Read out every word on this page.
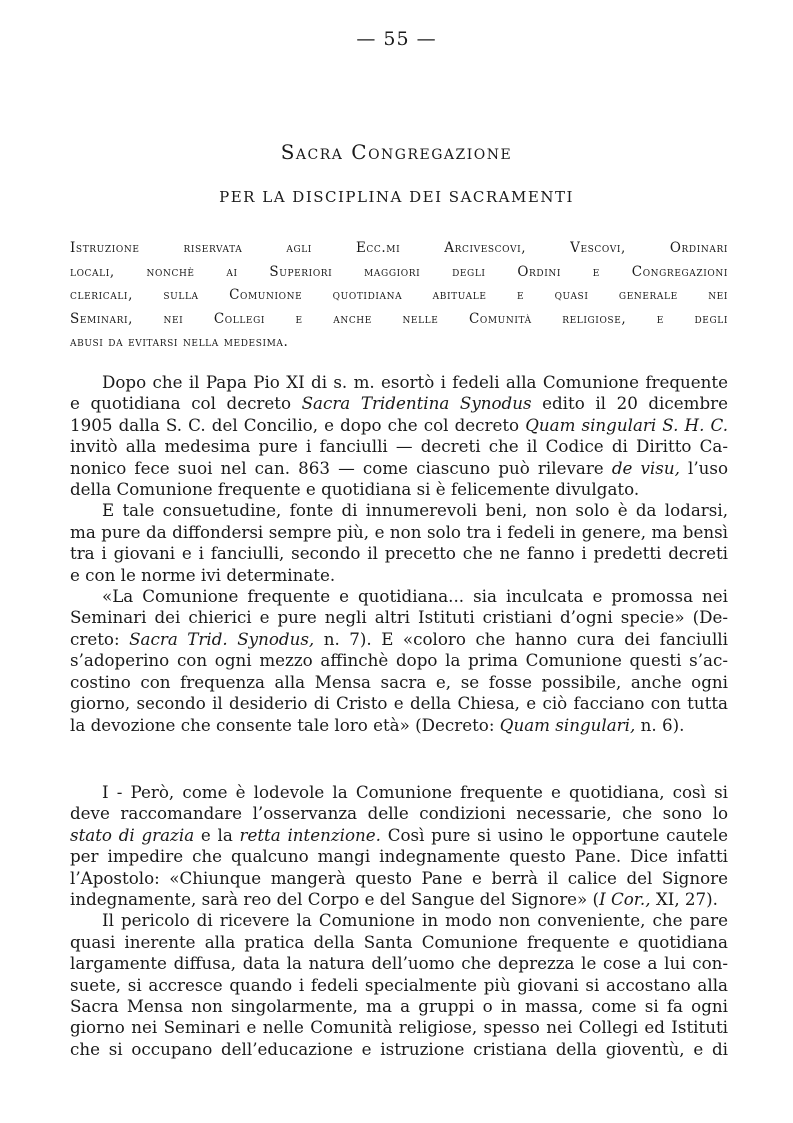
— 55 —
Sacra Congregazione
PER LA DISCIPLINA DEI SACRAMENTI
Istruzione riservata agli Ecc.mi Arcivescovi, Vescovi, Ordinari
locali, nonchè ai Superiori maggiori degli Ordini e Congregazioni
clericali, sulla Comunione quotidiana abituale e quasi generale nei
Seminari, nei Collegi e anche nelle Comunità religiose, e degli
abusi da evitarsi nella medesima.
Dopo che il Papa Pio XI di s. m. esortò i fedeli alla Comunione frequente
e quotidiana col decreto Sacra Tridentina Synodus edito il 20 dicembre
1905 dalla S. C. del Concilio, e dopo che col decreto Quam singulari S. H. C.
invitò alla medesima pure i fanciulli — decreti che il Codice di Diritto Ca-
nonico fece suoi nel can. 863 — come ciascuno può rilevare de visu, l’uso
della Comunione frequente e quotidiana si è felicemente divulgato.
E tale consuetudine, fonte di innumerevoli beni, non solo è da lodarsi,
ma pure da diffondersi sempre più, e non solo tra i fedeli in genere, ma bensì
tra i giovani e i fanciulli, secondo il precetto che ne fanno i predetti decreti
e con le norme ivi determinate.
«La Comunione frequente e quotidiana... sia inculcata e promossa nei
Seminari dei chierici e pure negli altri Istituti cristiani d’ogni specie» (De-
creto: Sacra Trid. Synodus, n. 7). E «coloro che hanno cura dei fanciulli
s’adoperino con ogni mezzo affinchè dopo la prima Comunione questi s’ac-
costino con frequenza alla Mensa sacra e, se fosse possibile, anche ogni
giorno, secondo il desiderio di Cristo e della Chiesa, e ciò facciano con tutta
la devozione che consente tale loro età» (Decreto: Quam singulari, n. 6).
I - Però, come è lodevole la Comunione frequente e quotidiana, così si
deve raccomandare l’osservanza delle condizioni necessarie, che sono lo
stato di grazia e la retta intenzione. Così pure si usino le opportune cautele
per impedire che qualcuno mangi indegnamente questo Pane. Dice infatti
l’Apostolo: «Chiunque mangerà questo Pane e berrà il calice del Signore
indegnamente, sarà reo del Corpo e del Sangue del Signore» (I Cor., XI, 27).
Il pericolo di ricevere la Comunione in modo non conveniente, che pare
quasi inerente alla pratica della Santa Comunione frequente e quotidiana
largamente diffusa, data la natura dell’uomo che deprezza le cose a lui con-
suete, si accresce quando i fedeli specialmente più giovani si accostano alla
Sacra Mensa non singolarmente, ma a gruppi o in massa, come si fa ogni
giorno nei Seminari e nelle Comunità religiose, spesso nei Collegi ed Istituti
che si occupano dell’educazione e istruzione cristiana della gioventù, e di
